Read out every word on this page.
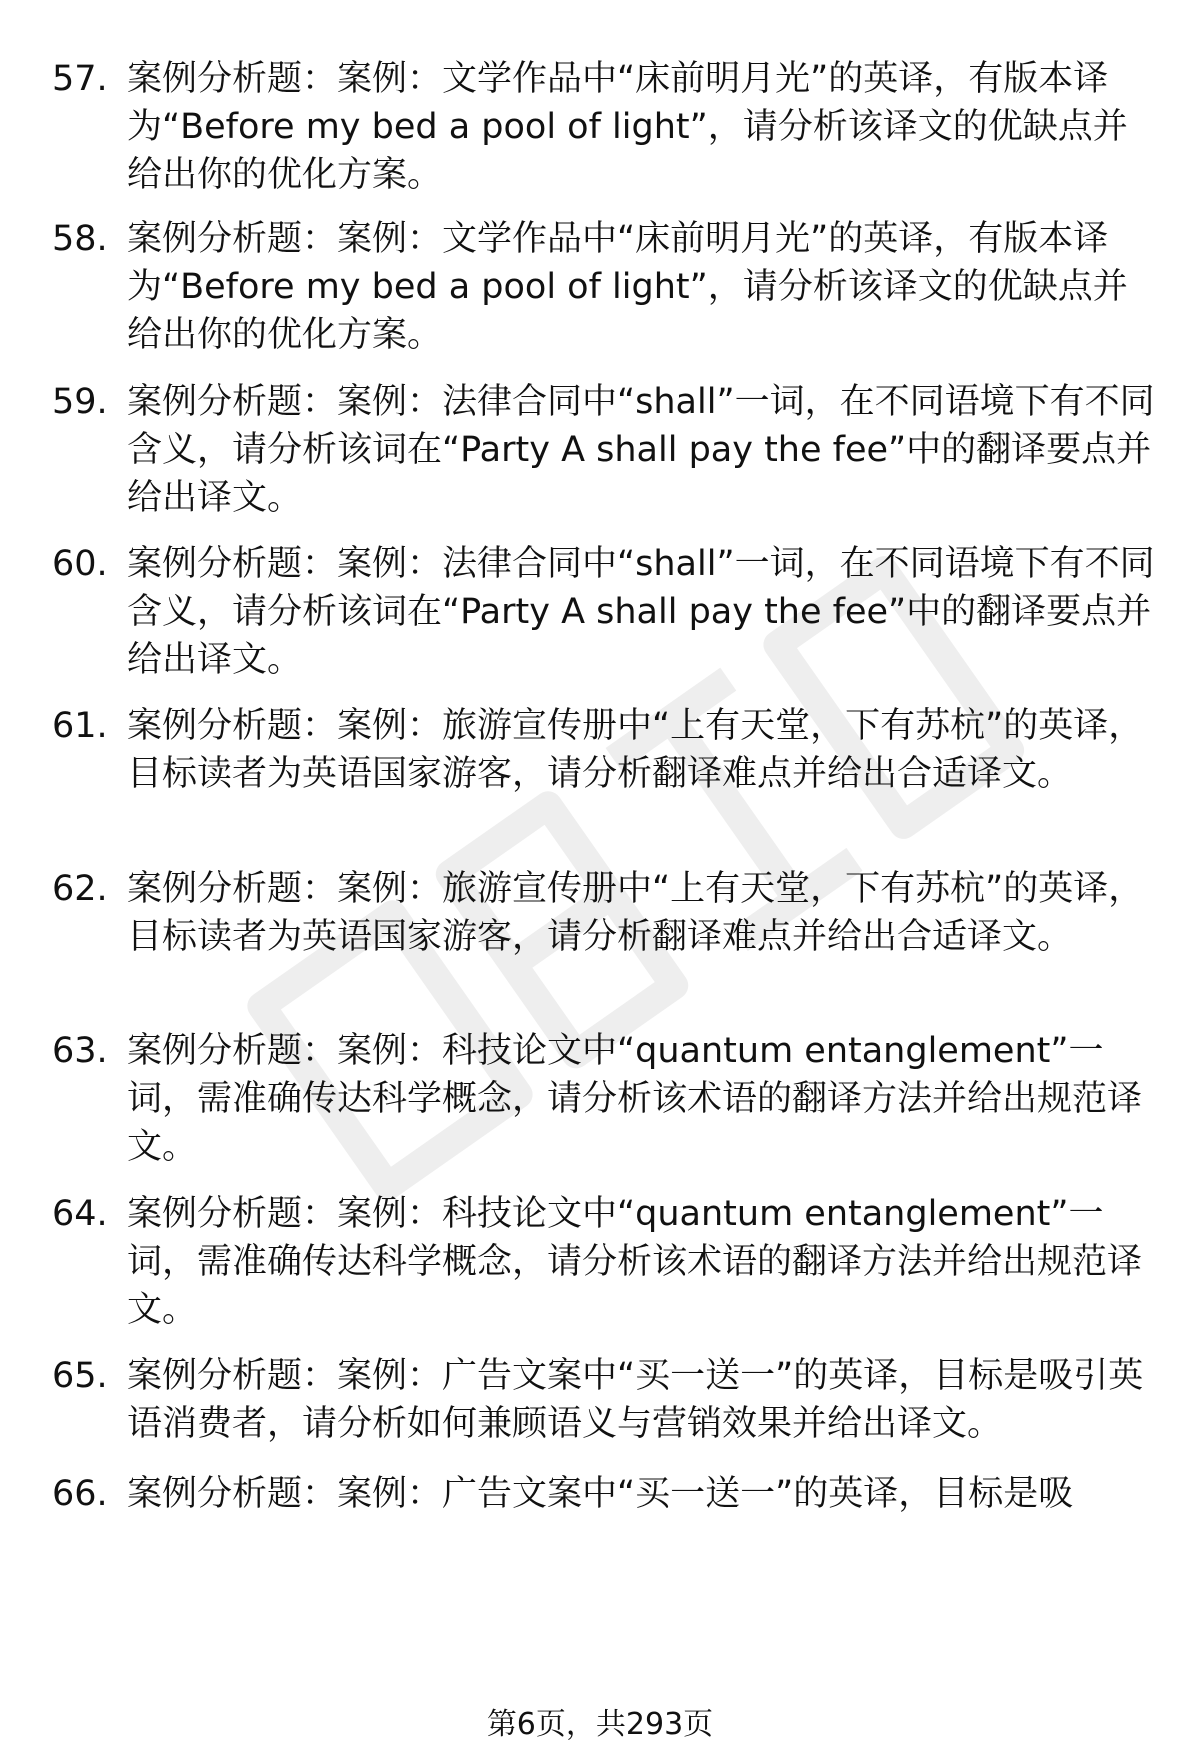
57. 案例分析题：案例：文学作品中“床前明月光”的英译，有版本译为“Before my bed a pool of light”，请分析该译文的优缺点并给出你的优化方案。
58. 案例分析题：案例：文学作品中“床前明月光”的英译，有版本译为“Before my bed a pool of light”，请分析该译文的优缺点并给出你的优化方案。
59. 案例分析题：案例：法律合同中“shall”一词，在不同语境下有不同含义，请分析该词在“Party A shall pay the fee”中的翻译要点并给出译文。
60. 案例分析题：案例：法律合同中“shall”一词，在不同语境下有不同含义，请分析该词在“Party A shall pay the fee”中的翻译要点并给出译文。
61. 案例分析题：案例：旅游宣传册中“上有天堂，下有苏杭”的英译，目标读者为英语国家游客，请分析翻译难点并给出合适译文。
62. 案例分析题：案例：旅游宣传册中“上有天堂，下有苏杭”的英译，目标读者为英语国家游客，请分析翻译难点并给出合适译文。
63. 案例分析题：案例：科技论文中“quantum entanglement”一词，需准确传达科学概念，请分析该术语的翻译方法并给出规范译文。
64. 案例分析题：案例：科技论文中“quantum entanglement”一词，需准确传达科学概念，请分析该术语的翻译方法并给出规范译文。
65. 案例分析题：案例：广告文案中“买一送一”的英译，目标是吸引英语消费者，请分析如何兼顾语义与营销效果并给出译文。
66. 案例分析题：案例：广告文案中“买一送一”的英译，目标是吸
第6页，共293页
